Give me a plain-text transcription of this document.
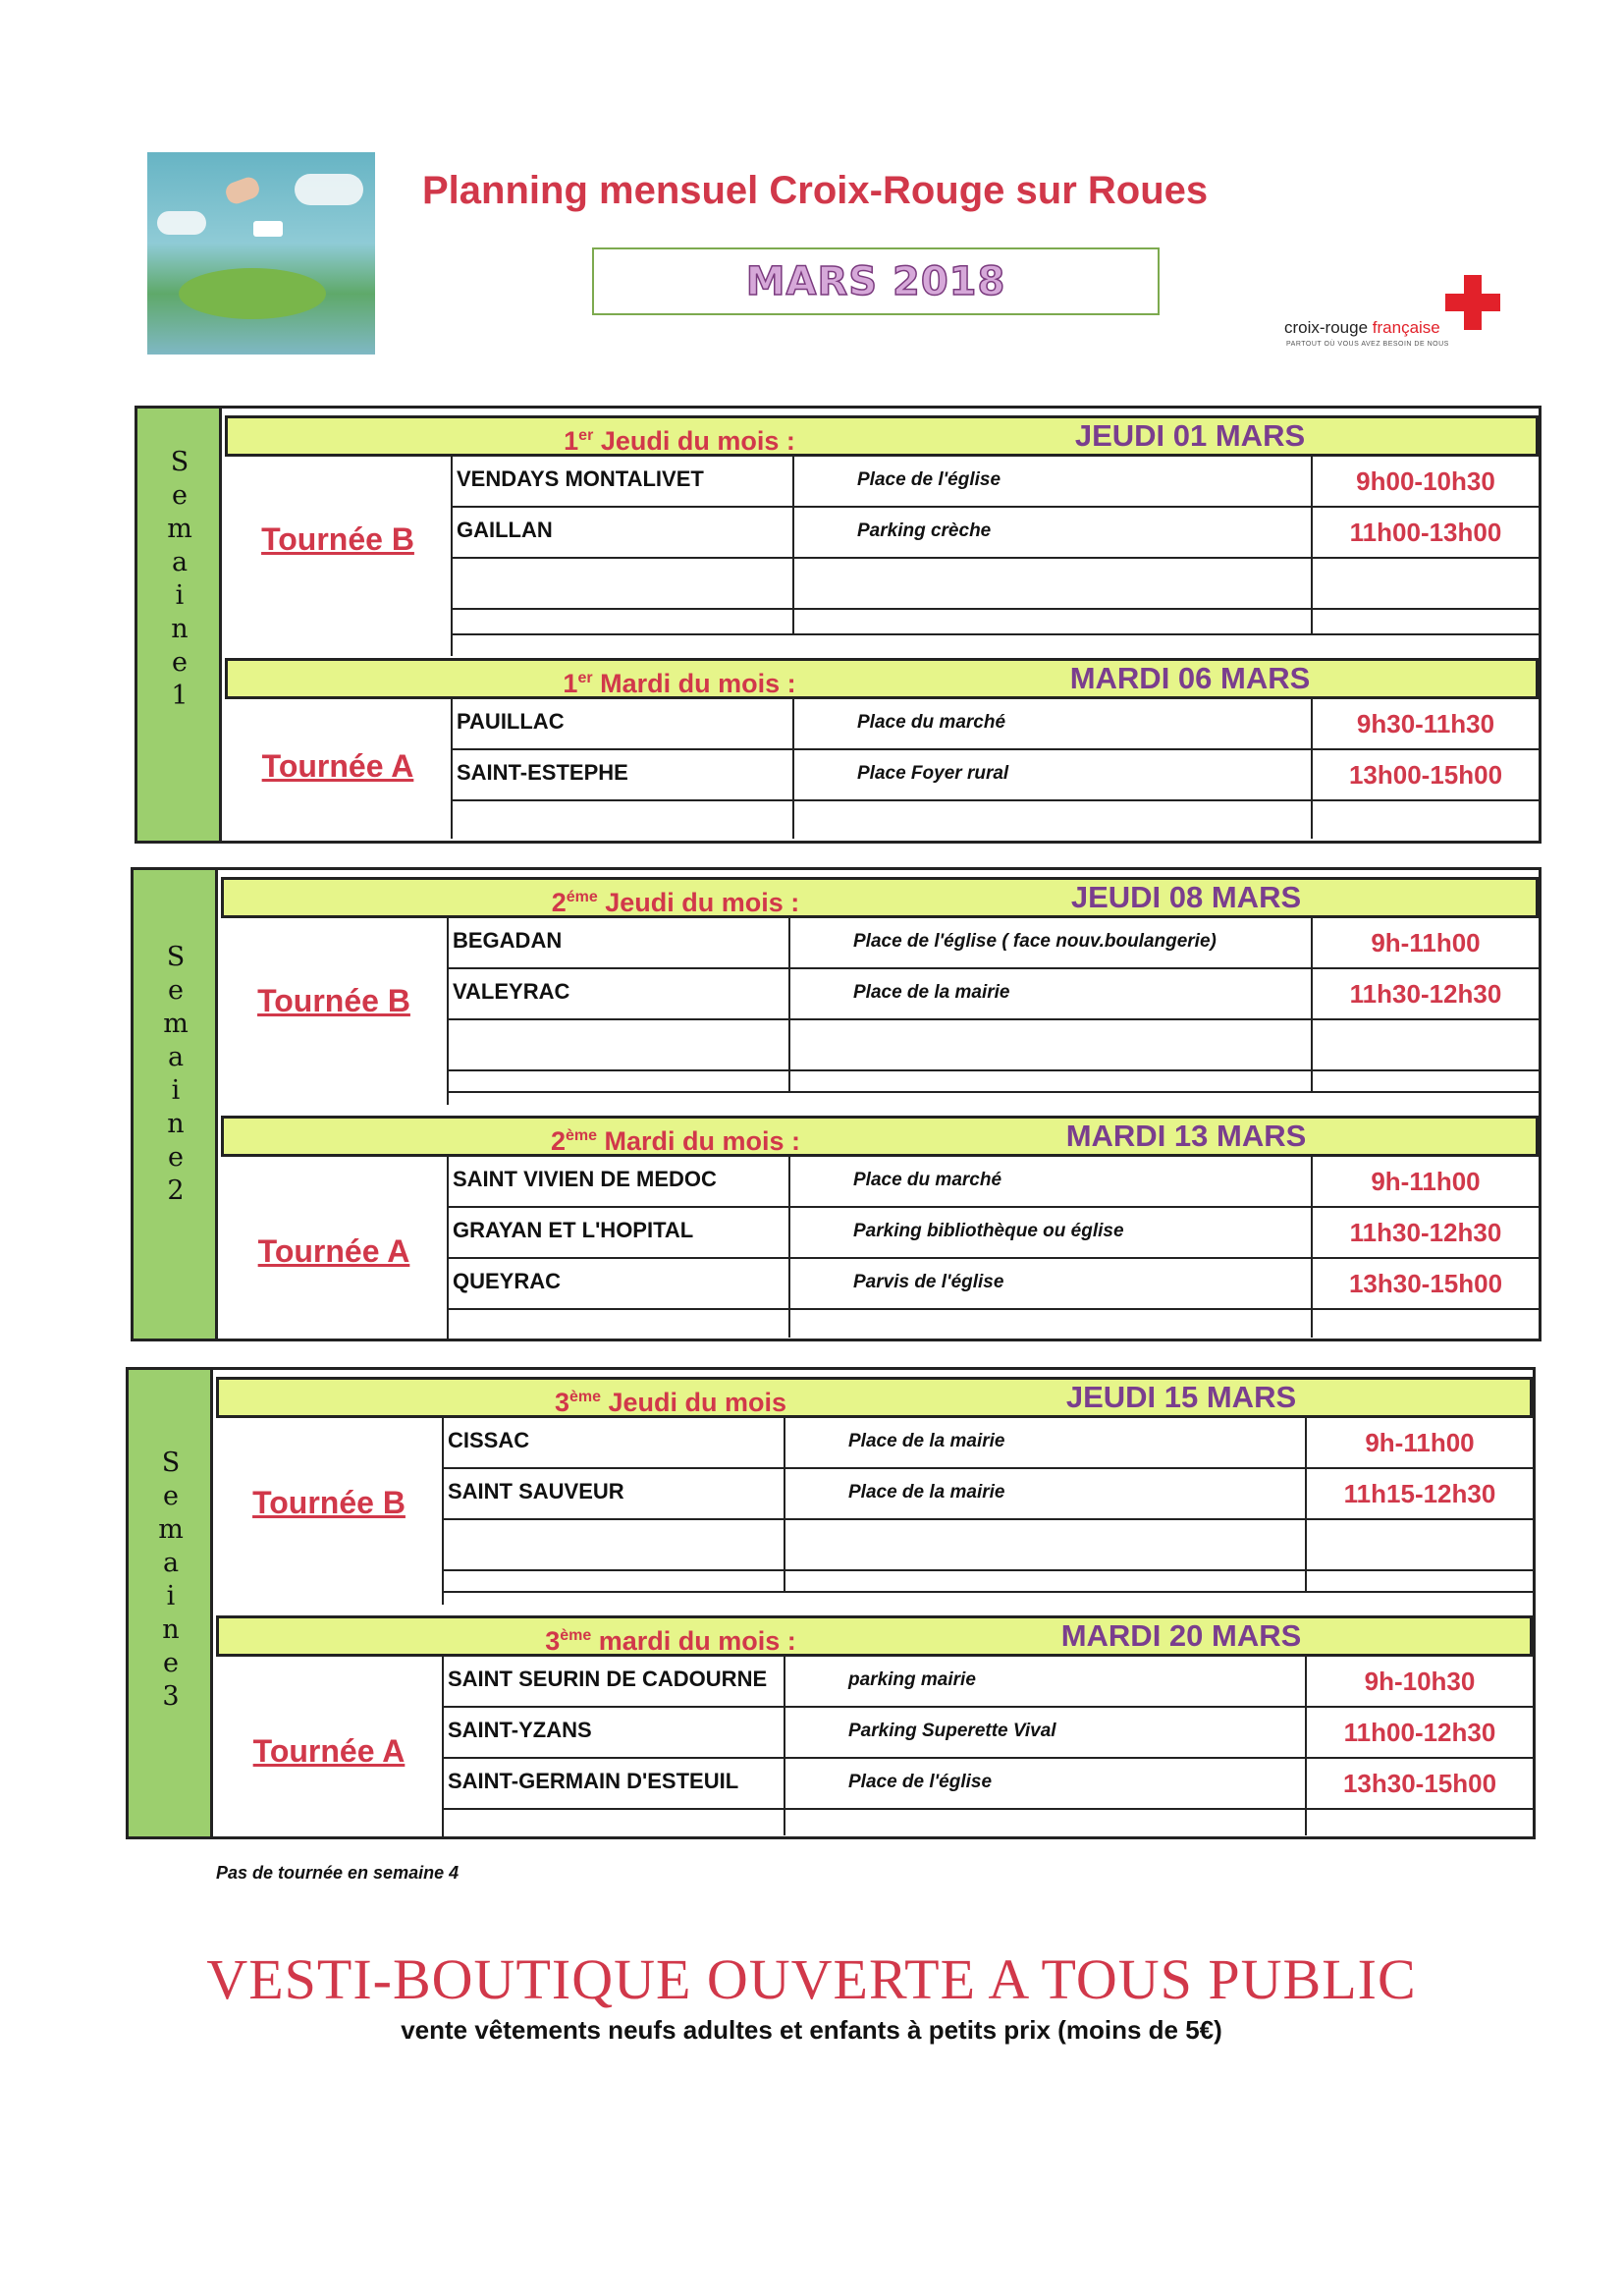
Planning mensuel Croix-Rouge sur Roues
MARS 2018
croix-rouge française
PARTOUT OÙ VOUS AVEZ BESOIN DE NOUS
S
e
m
a
i
n
e
1
1er Jeudi du mois :	JEUDI 01 MARS
Tournée B
VENDAYS MONTALIVET	Place de l'église	9h00-10h30
GAILLAN	Parking crèche	11h00-13h00
1er Mardi du mois :	MARDI 06 MARS
Tournée A
PAUILLAC	Place du marché	9h30-11h30
SAINT-ESTEPHE	Place Foyer rural	13h00-15h00
S
e
m
a
i
n
e
2
$2^{éme}$ Jeudi du mois :	JEUDI 08 MARS
Tournée B
BEGADAN	Place de l'église ( face nouv.boulangerie)	9h-11h00
VALEYRAC	Place de la mairie	11h30-12h30
2ème Mardi du mois :	MARDI 13 MARS
Tournée A
SAINT VIVIEN DE MEDOC	Place du marché	9h-11h00
GRAYAN ET L'HOPITAL	Parking bibliothèque ou église	11h30-12h30
QUEYRAC	Parvis de l'église	13h30-15h00
S
e
m
a
i
n
e
3
3ème Jeudi du mois	JEUDI 15 MARS
Tournée B
CISSAC	Place de la mairie	9h-11h00
SAINT SAUVEUR	Place de la mairie	11h15-12h30
3ème mardi du mois :	MARDI 20 MARS
Tournée A
SAINT SEURIN DE CADOURNE	parking mairie	9h-10h30
SAINT-YZANS	Parking Superette Vival	11h00-12h30
SAINT-GERMAIN D'ESTEUIL	Place de l'église	13h30-15h00
Pas de tournée en semaine 4
VESTI-BOUTIQUE OUVERTE A TOUS PUBLIC
vente vêtements neufs adultes et enfants à petits prix (moins de 5€)
